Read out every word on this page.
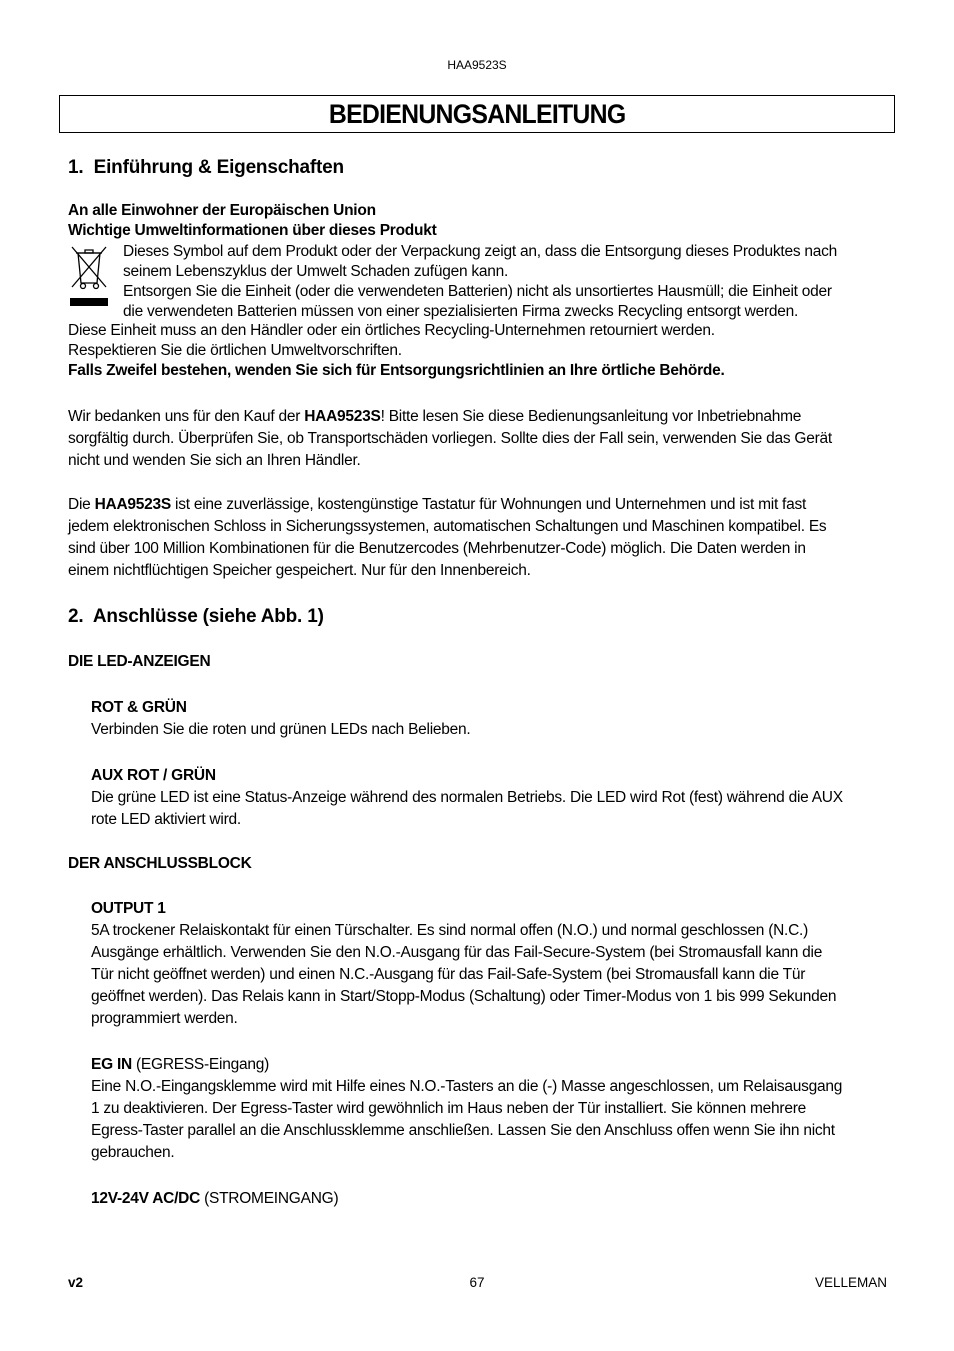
HAA9523S
BEDIENUNGSANLEITUNG
1. Einführung & Eigenschaften
An alle Einwohner der Europäischen Union
Wichtige Umweltinformationen über dieses Produkt
Dieses Symbol auf dem Produkt oder der Verpackung zeigt an, dass die Entsorgung dieses Produktes nach
seinem Lebenszyklus der Umwelt Schaden zufügen kann.
Entsorgen Sie die Einheit (oder die verwendeten Batterien) nicht als unsortiertes Hausmüll; die Einheit oder
die verwendeten Batterien müssen von einer spezialisierten Firma zwecks Recycling entsorgt werden.
Diese Einheit muss an den Händler oder ein örtliches Recycling-Unternehmen retourniert werden.
Respektieren Sie die örtlichen Umweltvorschriften.
Falls Zweifel bestehen, wenden Sie sich für Entsorgungsrichtlinien an Ihre örtliche Behörde.
Wir bedanken uns für den Kauf der HAA9523S! Bitte lesen Sie diese Bedienungsanleitung vor Inbetriebnahme
sorgfältig durch. Überprüfen Sie, ob Transportschäden vorliegen. Sollte dies der Fall sein, verwenden Sie das Gerät
nicht und wenden Sie sich an Ihren Händler.
Die HAA9523S ist eine zuverlässige, kostengünstige Tastatur für Wohnungen und Unternehmen und ist mit fast
jedem elektronischen Schloss in Sicherungssystemen, automatischen Schaltungen und Maschinen kompatibel. Es
sind über 100 Million Kombinationen für die Benutzercodes (Mehrbenutzer-Code) möglich. Die Daten werden in
einem nichtflüchtigen Speicher gespeichert. Nur für den Innenbereich.
2. Anschlüsse (siehe Abb. 1)
DIE LED-ANZEIGEN
ROT & GRÜN
Verbinden Sie die roten und grünen LEDs nach Belieben.
AUX ROT / GRÜN
Die grüne LED ist eine Status-Anzeige während des normalen Betriebs. Die LED wird Rot (fest) während die AUX
rote LED aktiviert wird.
DER ANSCHLUSSBLOCK
OUTPUT 1
5A trockener Relaiskontakt für einen Türschalter. Es sind normal offen (N.O.) und normal geschlossen (N.C.)
Ausgänge erhältlich. Verwenden Sie den N.O.-Ausgang für das Fail-Secure-System (bei Stromausfall kann die
Tür nicht geöffnet werden) und einen N.C.-Ausgang für das Fail-Safe-System (bei Stromausfall kann die Tür
geöffnet werden). Das Relais kann in Start/Stopp-Modus (Schaltung) oder Timer-Modus von 1 bis 999 Sekunden
programmiert werden.
EG IN (EGRESS-Eingang)
Eine N.O.-Eingangsklemme wird mit Hilfe eines N.O.-Tasters an die (-) Masse angeschlossen, um Relaisausgang
1 zu deaktivieren. Der Egress-Taster wird gewöhnlich im Haus neben der Tür installiert. Sie können mehrere
Egress-Taster parallel an die Anschlussklemme anschließen. Lassen Sie den Anschluss offen wenn Sie ihn nicht
gebrauchen.
12V-24V AC/DC (STROMEINGANG)
v2	67	VELLEMAN
